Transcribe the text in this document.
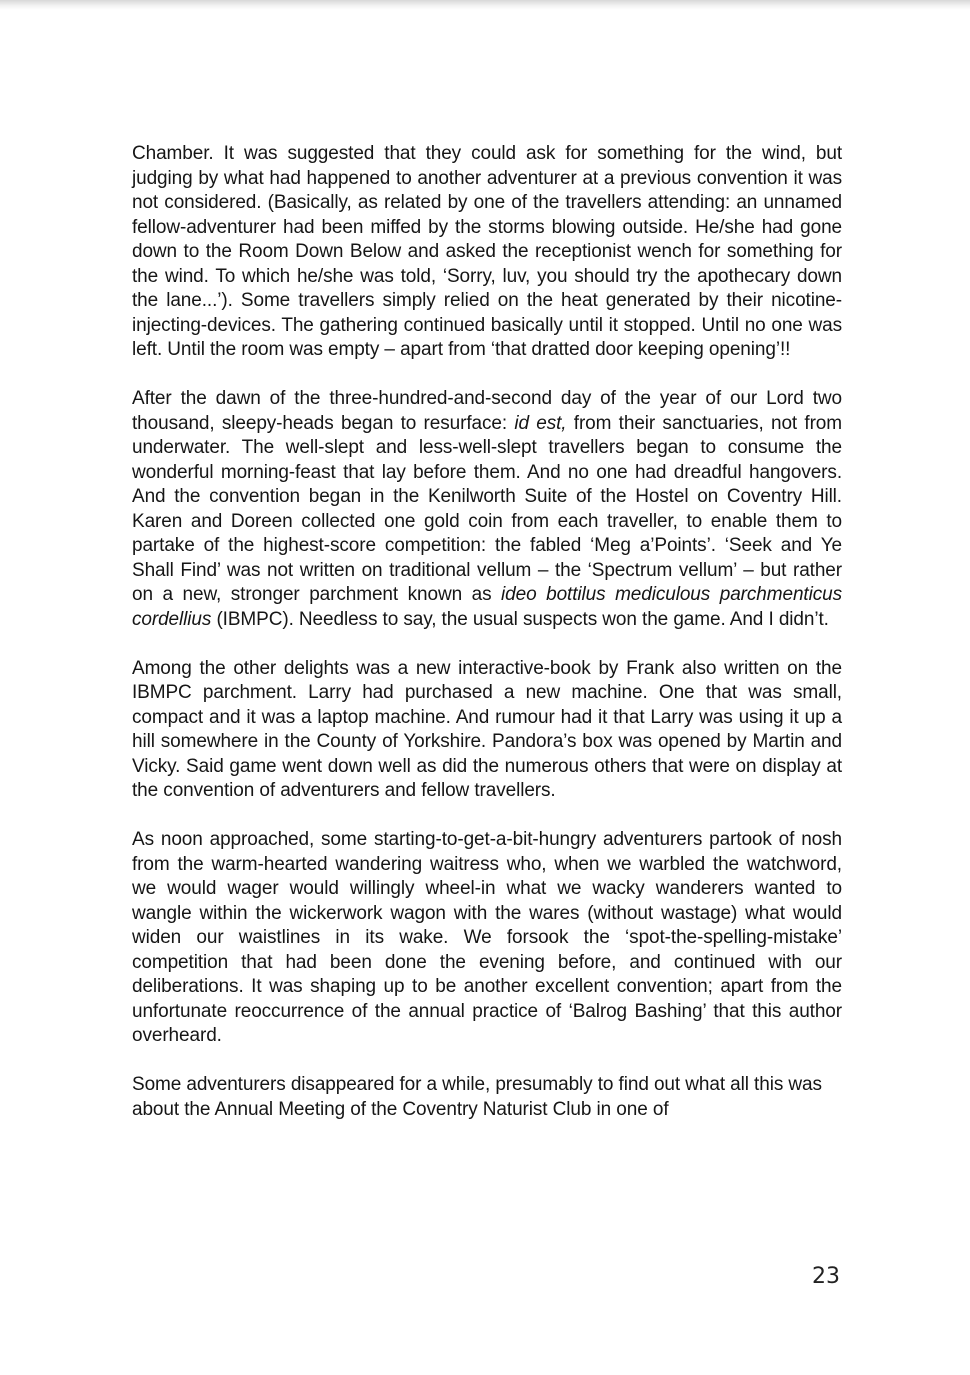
Chamber. It was suggested that they could ask for something for the wind, but judging by what had happened to another adventurer at a previous convention it was not considered. (Basically, as related by one of the travellers attending: an unnamed fellow-adventurer had been miffed by the storms blowing outside. He/she had gone down to the Room Down Below and asked the receptionist wench for something for the wind. To which he/she was told, ‘Sorry, luv, you should try the apothecary down the lane...’). Some travellers simply relied on the heat generated by their nicotine-injecting-devices. The gathering continued basically until it stopped. Until no one was left. Until the room was empty – apart from ‘that dratted door keeping opening’!!

After the dawn of the three-hundred-and-second day of the year of our Lord two thousand, sleepy-heads began to resurface: id est, from their sanctuaries, not from underwater. The well-slept and less-well-slept travellers began to consume the wonderful morning-feast that lay before them. And no one had dreadful hangovers. And the convention began in the Kenilworth Suite of the Hostel on Coventry Hill. Karen and Doreen collected one gold coin from each traveller, to enable them to partake of the highest-score competition: the fabled ‘Meg a’Points’. ‘Seek and Ye Shall Find’ was not written on traditional vellum – the ‘Spectrum vellum’ – but rather on a new, stronger parchment known as ideo bottilus mediculous parchmenticus cordellius (IBMPC). Needless to say, the usual suspects won the game. And I didn’t.

Among the other delights was a new interactive-book by Frank also written on the IBMPC parchment. Larry had purchased a new machine. One that was small, compact and it was a laptop machine. And rumour had it that Larry was using it up a hill somewhere in the County of Yorkshire. Pandora’s box was opened by Martin and Vicky. Said game went down well as did the numerous others that were on display at the convention of adventurers and fellow travellers.

As noon approached, some starting-to-get-a-bit-hungry adventurers partook of nosh from the warm-hearted wandering waitress who, when we warbled the watchword, we would wager would willingly wheel-in what we wacky wanderers wanted to wangle within the wickerwork wagon with the wares (without wastage) what would widen our waistlines in its wake. We forsook the ‘spot-the-spelling-mistake’ competition that had been done the evening before, and continued with our deliberations. It was shaping up to be another excellent convention; apart from the unfortunate reoccurrence of the annual practice of ‘Balrog Bashing’ that this author overheard.

Some adventurers disappeared for a while, presumably to find out what all this was about the Annual Meeting of the Coventry Naturist Club in one of

23
